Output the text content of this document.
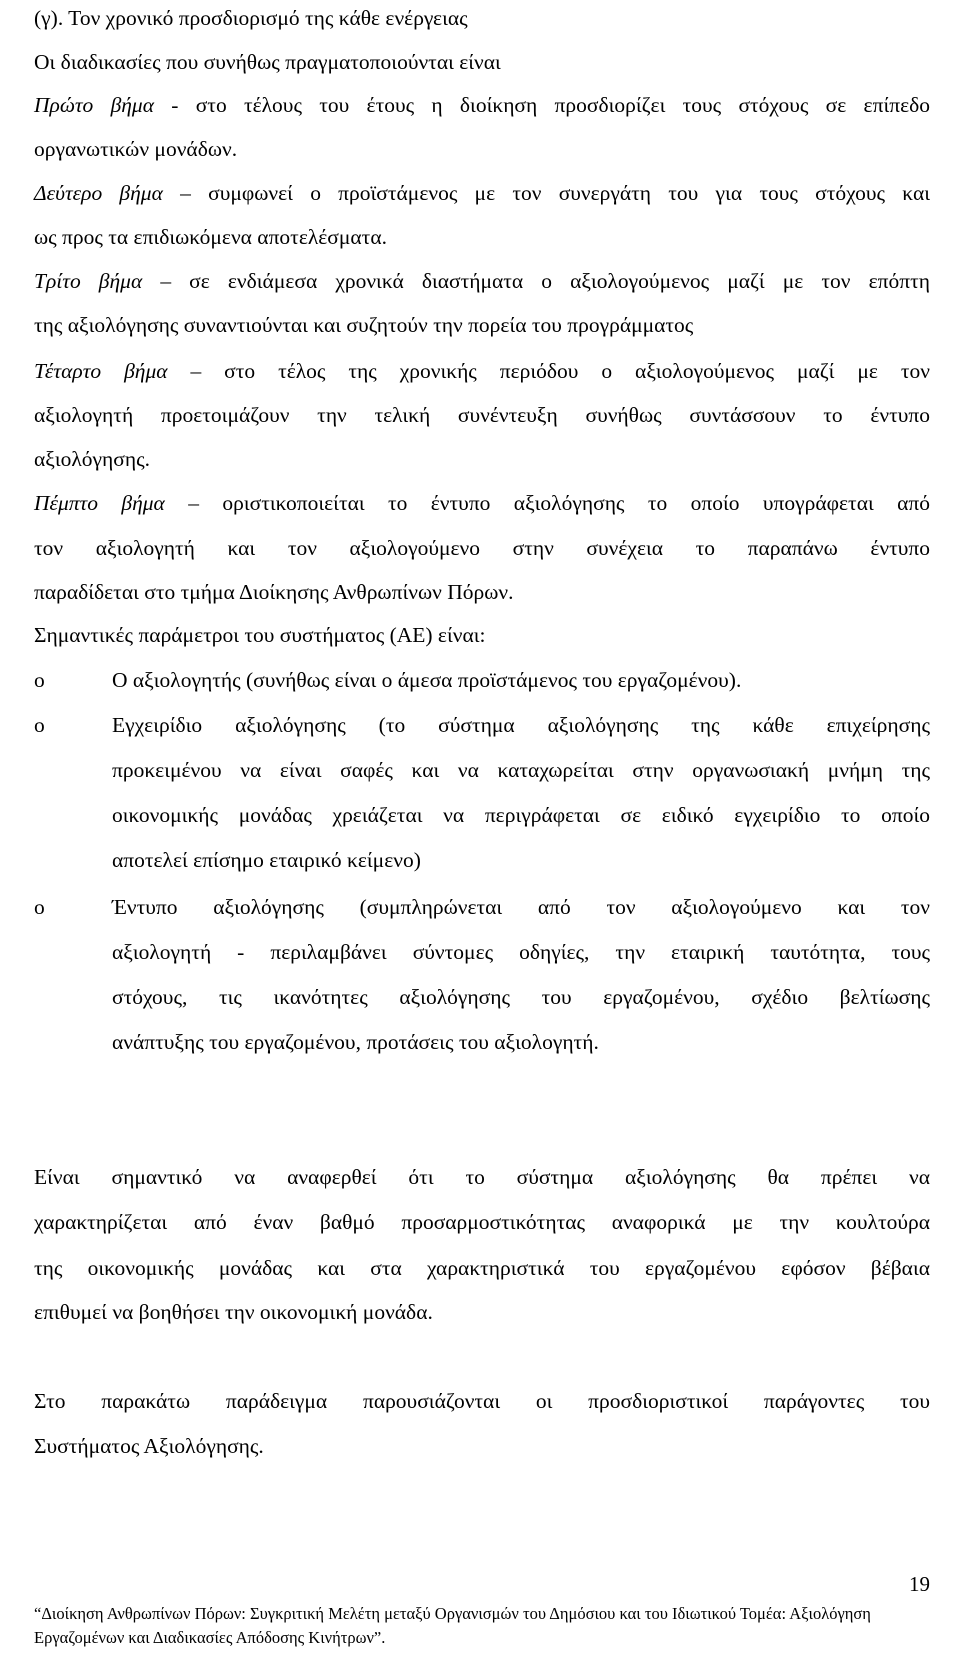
(γ). Τον χρονικό προσδιορισμό της κάθε ενέργειας
Οι διαδικασίες που συνήθως πραγματοποιούνται είναι
Πρώτο βήμα - στο τέλους του έτους η διοίκηση προσδιορίζει τους στόχους σε επίπεδο
οργανωτικών μονάδων.
Δεύτερο βήμα – συμφωνεί ο προϊστάμενος με τον συνεργάτη του για τους στόχους και
ως προς τα επιδιωκόμενα αποτελέσματα.
Τρίτο βήμα – σε ενδιάμεσα χρονικά διαστήματα ο αξιολογούμενος μαζί με τον επόπτη
της αξιολόγησης συναντιούνται και συζητούν την πορεία του προγράμματος
Τέταρτο βήμα – στο τέλος της χρονικής περιόδου ο αξιολογούμενος μαζί με τον
αξιολογητή προετοιμάζουν την τελική συνέντευξη συνήθως συντάσσουν το έντυπο
αξιολόγησης.
Πέμπτο βήμα – οριστικοποιείται το έντυπο αξιολόγησης το οποίο υπογράφεται από
τον αξιολογητή και τον αξιολογούμενο στην συνέχεια το παραπάνω έντυπο
παραδίδεται στο τμήμα Διοίκησης Ανθρωπίνων Πόρων.
Σημαντικές παράμετροι του συστήματος (ΑΕ) είναι:
o	Ο αξιολογητής (συνήθως είναι ο άμεσα προϊστάμενος του εργαζομένου).
o	Εγχειρίδιο αξιολόγησης (το σύστημα αξιολόγησης της κάθε επιχείρησης
προκειμένου να είναι σαφές και να καταχωρείται στην οργανωσιακή μνήμη της
οικονομικής μονάδας χρειάζεται να περιγράφεται σε ειδικό εγχειρίδιο το οποίο
αποτελεί επίσημο εταιρικό κείμενο)
o	Έντυπο αξιολόγησης (συμπληρώνεται από τον αξιολογούμενο και τον
αξιολογητή - περιλαμβάνει σύντομες οδηγίες, την εταιρική ταυτότητα, τους
στόχους, τις ικανότητες αξιολόγησης του εργαζομένου, σχέδιο βελτίωσης
ανάπτυξης του εργαζομένου, προτάσεις του αξιολογητή.
Είναι σημαντικό να αναφερθεί ότι το σύστημα αξιολόγησης θα πρέπει να
χαρακτηρίζεται από έναν βαθμό προσαρμοστικότητας αναφορικά με την κουλτούρα
της οικονομικής μονάδας και στα χαρακτηριστικά του εργαζομένου εφόσον βέβαια
επιθυμεί να βοηθήσει την οικονομική μονάδα.
Στο παρακάτω παράδειγμα παρουσιάζονται οι προσδιοριστικοί παράγοντες του
Συστήματος Αξιολόγησης.
19
“Διοίκηση Ανθρωπίνων Πόρων: Συγκριτική Μελέτη μεταξύ Οργανισμών του Δημόσιου και του Ιδιωτικού Τομέα: Αξιολόγηση
Εργαζομένων και Διαδικασίες Απόδοσης Κινήτρων”.
